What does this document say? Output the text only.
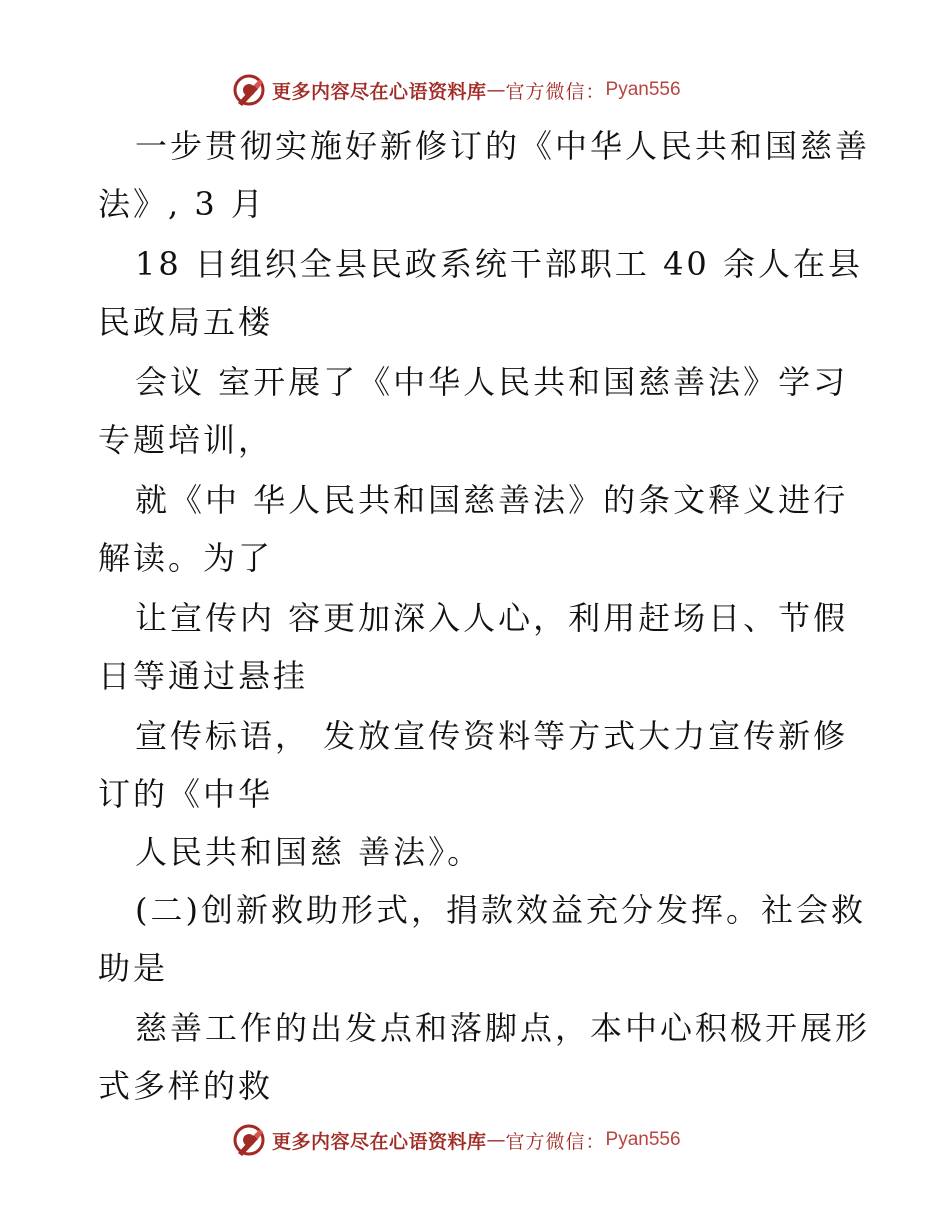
更多内容尽在心语资料库 — 官方微信： Pyan556
一步贯彻实施好新修订的《中华人民共和国慈善
法》, 3 月
18 日组织全县民政系统干部职工 40 余人在县
民政局五楼
会议 室开展了《中华人民共和国慈善法》学习
专题培训，
就《中 华人民共和国慈善法》的条文释义进行
解读。为了
让宣传内 容更加深入人心，利用赶场日、节假
日等通过悬挂
宣传标语， 发放宣传资料等方式大力宣传新修
订的《中华
人民共和国慈 善法》。
(二)创新救助形式，捐款效益充分发挥。社会救
助是
慈善工作的出发点和落脚点，本中心积极开展形
式多样的救
更多内容尽在心语资料库 — 官方微信： Pyan556
